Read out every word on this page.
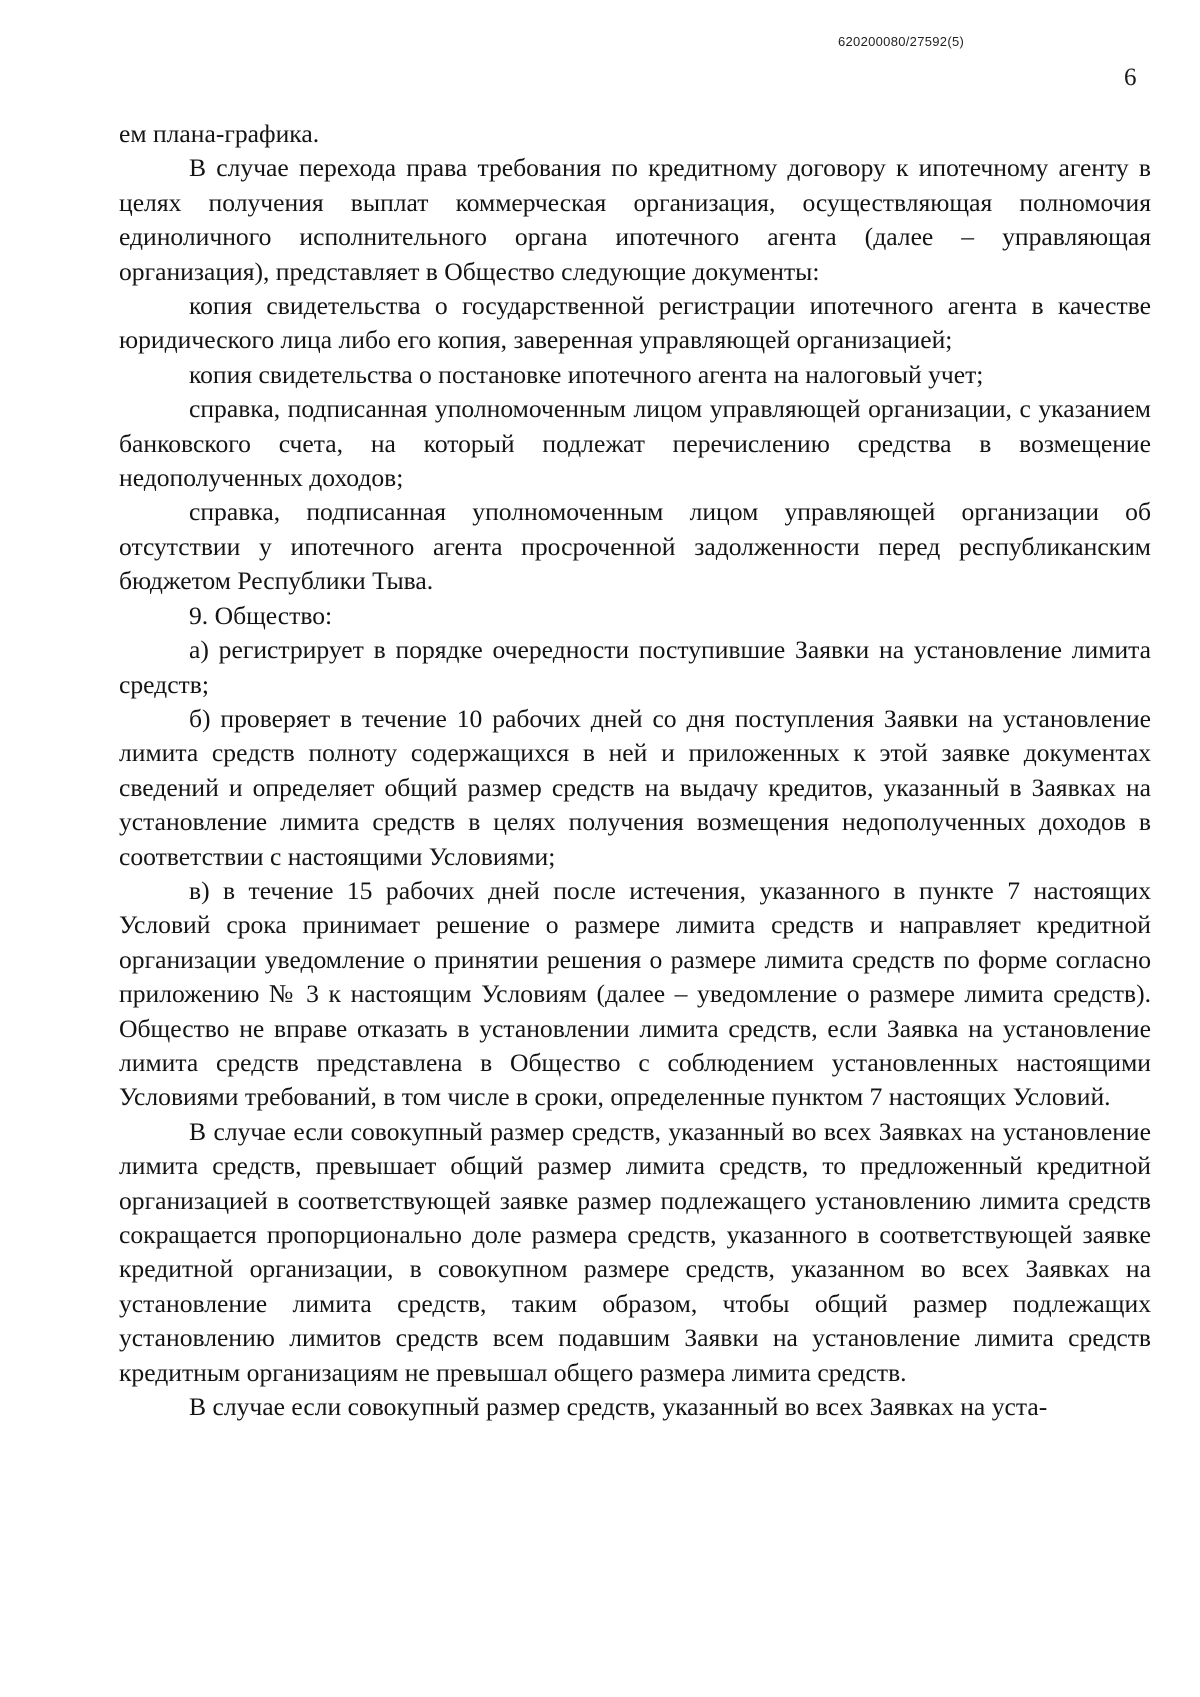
620200080/27592(5)
6

ем плана-графика.

В случае перехода права требования по кредитному договору к ипотечному агенту в целях получения выплат коммерческая организация, осуществляющая полномочия единоличного исполнительного органа ипотечного агента (далее – управляющая организация), представляет в Общество следующие документы:

копия свидетельства о государственной регистрации ипотечного агента в качестве юридического лица либо его копия, заверенная управляющей организацией;

копия свидетельства о постановке ипотечного агента на налоговый учет;

справка, подписанная уполномоченным лицом управляющей организации, с указанием банковского счета, на который подлежат перечислению средства в возмещение недополученных доходов;

справка, подписанная уполномоченным лицом управляющей организации об отсутствии у ипотечного агента просроченной задолженности перед республиканским бюджетом Республики Тыва.

9. Общество:

а) регистрирует в порядке очередности поступившие Заявки на установление лимита средств;

б) проверяет в течение 10 рабочих дней со дня поступления Заявки на установление лимита средств полноту содержащихся в ней и приложенных к этой заявке документах сведений и определяет общий размер средств на выдачу кредитов, указанный в Заявках на установление лимита средств в целях получения возмещения недополученных доходов в соответствии с настоящими Условиями;

в) в течение 15 рабочих дней после истечения, указанного в пункте 7 настоящих Условий срока принимает решение о размере лимита средств и направляет кредитной организации уведомление о принятии решения о размере лимита средств по форме согласно приложению № 3 к настоящим Условиям (далее – уведомление о размере лимита средств). Общество не вправе отказать в установлении лимита средств, если Заявка на установление лимита средств представлена в Общество с соблюдением установленных настоящими Условиями требований, в том числе в сроки, определенные пунктом 7 настоящих Условий.

В случае если совокупный размер средств, указанный во всех Заявках на установление лимита средств, превышает общий размер лимита средств, то предложенный кредитной организацией в соответствующей заявке размер подлежащего установлению лимита средств сокращается пропорционально доле размера средств, указанного в соответствующей заявке кредитной организации, в совокупном размере средств, указанном во всех Заявках на установление лимита средств, таким образом, чтобы общий размер подлежащих установлению лимитов средств всем подавшим Заявки на установление лимита средств кредитным организациям не превышал общего размера лимита средств.

В случае если совокупный размер средств, указанный во всех Заявках на уста-
